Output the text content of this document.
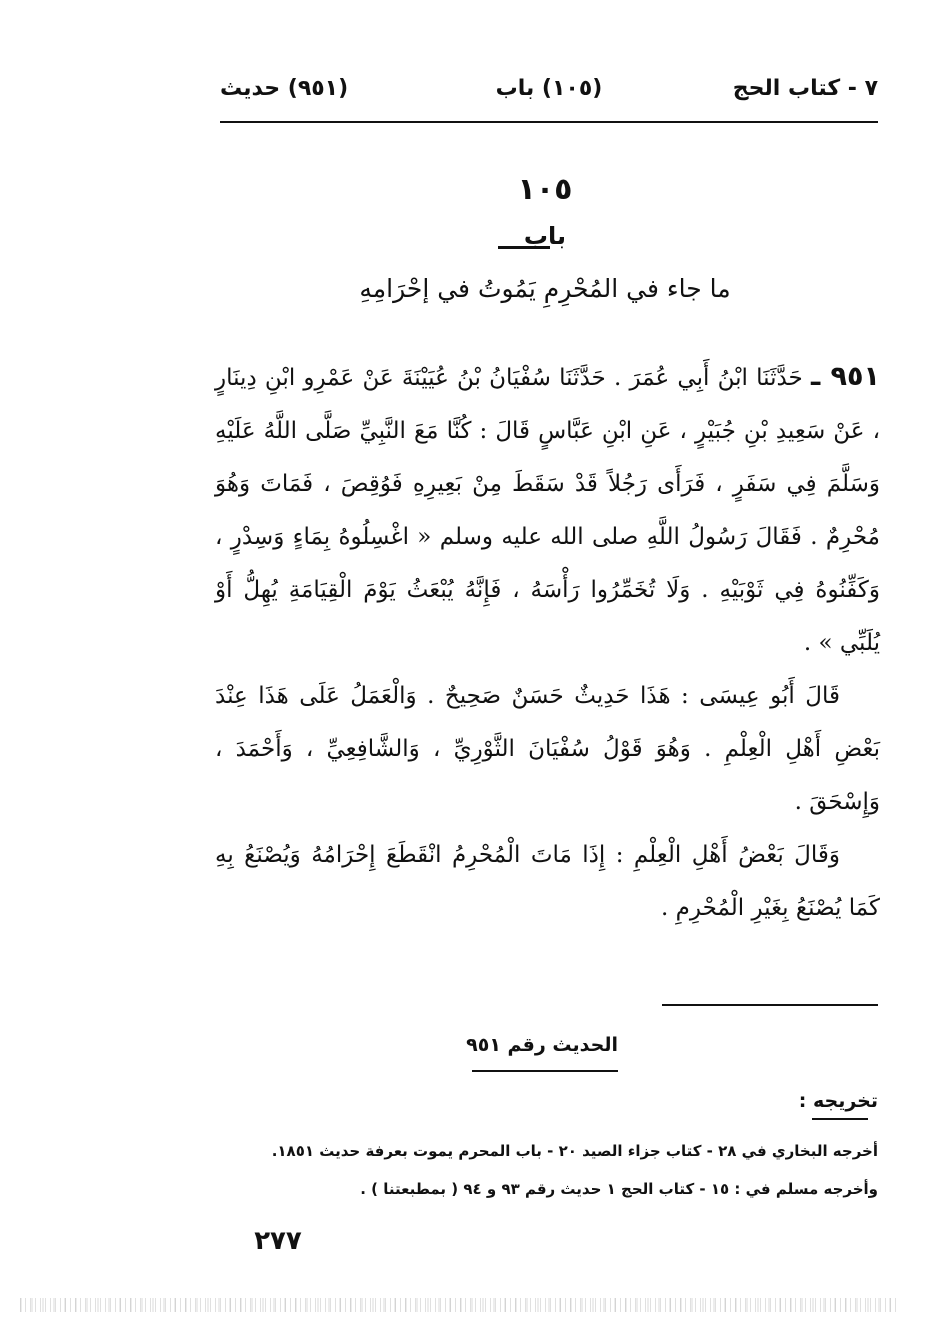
٧ - كتاب الحج
(١٠٥) باب
(٩٥١) حديث
١٠٥
باب
ما جاء في المُحْرِمِ يَمُوتُ في إحْرَامِهِ

٩٥١ ـ حَدَّثَنَا ابْنُ أَبِي عُمَرَ . حَدَّثَنَا سُفْيَانُ بْنُ عُيَيْنَةَ عَنْ عَمْرِو ابْنِ دِينَارٍ ، عَنْ سَعِيدِ بْنِ جُبَيْرٍ ، عَنِ ابْنِ عَبَّاسٍ قَالَ : كُنَّا مَعَ النَّبِيِّ صَلَّى اللَّهُ عَلَيْهِ وَسَلَّمَ فِي سَفَرٍ ، فَرَأَى رَجُلاً قَدْ سَقَطَ مِنْ بَعِيرِهِ فَوُقِصَ ، فَمَاتَ وَهُوَ مُحْرِمٌ . فَقَالَ رَسُولُ اللَّهِ صلى الله عليه وسلم « اغْسِلُوهُ بِمَاءٍ وَسِدْرٍ ، وَكَفِّنُوهُ فِي ثَوْبَيْهِ . وَلَا تُخَمِّرُوا رَأْسَهُ ، فَإِنَّهُ يُبْعَثُ يَوْمَ الْقِيَامَةِ يُهِلُّ أَوْ يُلَبِّي » .

قَالَ أَبُو عِيسَى : هَذَا حَدِيثٌ حَسَنٌ صَحِيحٌ . وَالْعَمَلُ عَلَى هَذَا عِنْدَ بَعْضِ أَهْلِ الْعِلْمِ . وَهُوَ قَوْلُ سُفْيَانَ الثَّوْرِيِّ ، وَالشَّافِعِيِّ ، وَأَحْمَدَ ، وَإِسْحَقَ .

وَقَالَ بَعْضُ أَهْلِ الْعِلْمِ : إِذَا مَاتَ الْمُحْرِمُ انْقَطَعَ إِحْرَامُهُ وَيُصْنَعُ بِهِ كَمَا يُصْنَعُ بِغَيْرِ الْمُحْرِمِ .

الحديث رقم ٩٥١
تخريجه :
أخرجه البخاري في ٢٨ - كتاب جزاء الصيد ٢٠ - باب المحرم يموت بعرفة حديث ١٨٥١.
وأخرجه مسلم في : ١٥ - كتاب الحج ١ حديث رقم ٩٣ و ٩٤ ( بمطبعتنا ) .
٢٧٧
